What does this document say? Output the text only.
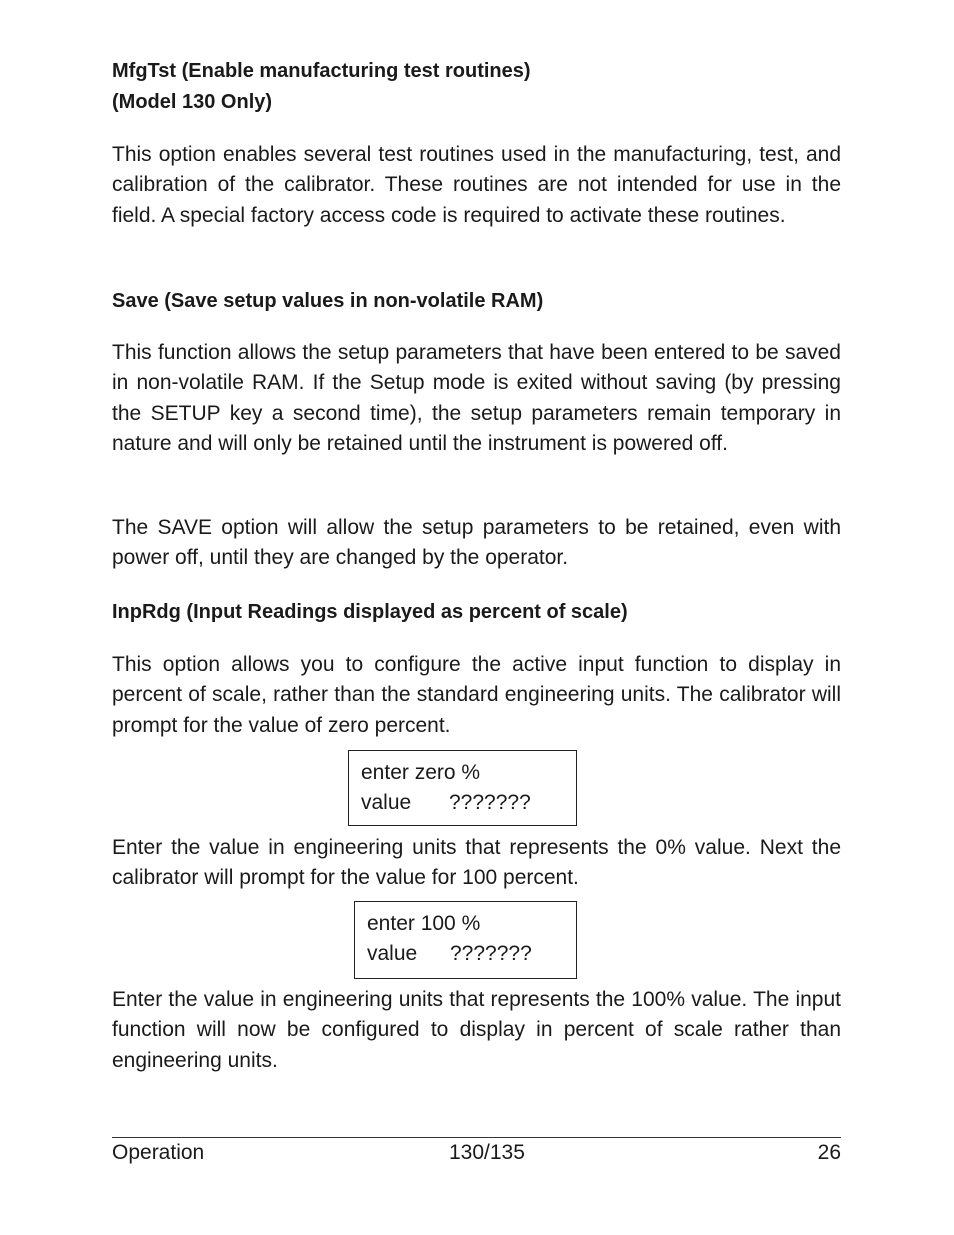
MfgTst (Enable manufacturing test routines)

(Model 130 Only)

This option enables several test routines used in the manufacturing, test, and calibration of the calibrator. These routines are not intended for use in the field. A special factory access code is required to activate these routines.

Save (Save setup values in non-volatile RAM)

This function allows the setup parameters that have been entered to be saved in non-volatile RAM. If the Setup mode is exited without saving (by pressing the SETUP key a second time), the setup parameters remain temporary in nature and will only be retained until the instrument is powered off.

The SAVE option will allow the setup parameters to be retained, even with power off, until they are changed by the operator.

InpRdg (Input Readings displayed as percent of scale)

This option allows you to configure the active input function to display in percent of scale, rather than the standard engineering units. The calibrator will prompt for the value of zero percent.

enter zero %
value	???????

Enter the value in engineering units that represents the 0% value. Next the calibrator will prompt for the value for 100 percent.

enter 100 %
value	???????

Enter the value in engineering units that represents the 100% value. The input function will now be configured to display in percent of scale rather than engineering units.

Operation	130/135	26
